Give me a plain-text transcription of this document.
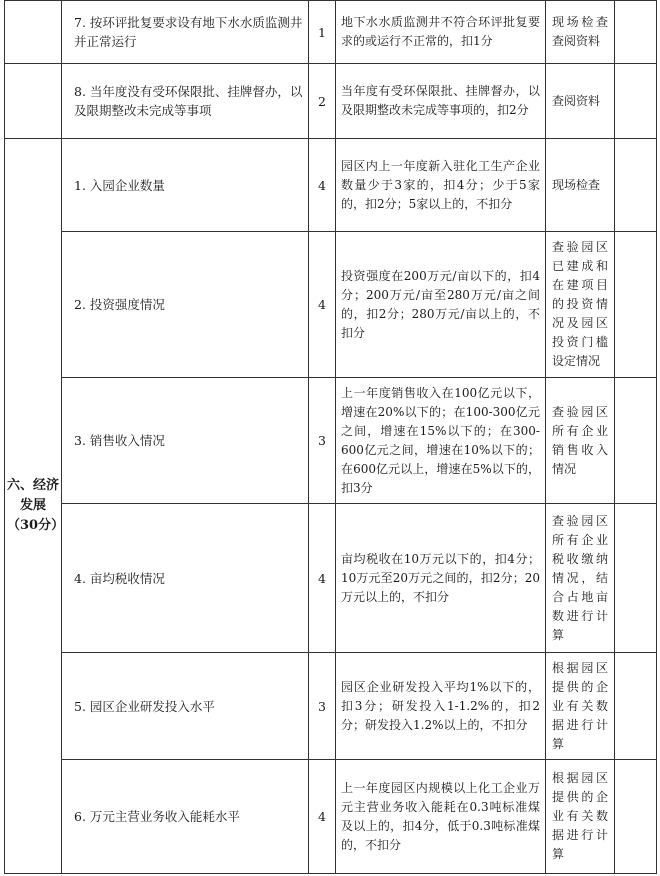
	7. 按环评批复要求设有地下水水质监测井并正常运行	1	地下水水质监测井不符合环评批复要求的或运行不正常的，扣1分	现场检查查阅资料	
	8. 当年度没有受环保限批、挂牌督办，以及限期整改未完成等事项	2	当年度有受环保限批、挂牌督办，以及限期整改未完成等事项的，扣2分	查阅资料	
六、经济发展（30分）	1. 入园企业数量	4	园区内上一年度新入驻化工生产企业数量少于3家的，扣4分；少于5家的，扣2分；5家以上的，不扣分	现场检查	
	2. 投资强度情况	4	投资强度在200万元/亩以下的，扣4分；200万元/亩至280万元/亩之间的，扣2分；280万元/亩以上的，不扣分	查验园区已建成和在建项目的投资情况及园区投资门槛设定情况	
	3. 销售收入情况	3	上一年度销售收入在100亿元以下，增速在20%以下的；在100-300亿元之间，增速在15%以下的；在300-600亿元之间，增速在10%以下的；在600亿元以上，增速在5%以下的，扣3分	查验园区所有企业销售收入情况	
	4. 亩均税收情况	4	亩均税收在10万元以下的，扣4分；10万元至20万元之间的，扣2分；20万元以上的，不扣分	查验园区所有企业税收缴纳情况，结合占地亩数进行计算	
	5. 园区企业研发投入水平	3	园区企业研发投入平均1%以下的，扣3分；研发投入1-1.2%的，扣2分；研发投入1.2%以上的，不扣分	根据园区提供的企业有关数据进行计算	
	6. 万元主营业务收入能耗水平	4	上一年度园区内规模以上化工企业万元主营业务收入能耗在0.3吨标准煤及以上的，扣4分，低于0.3吨标准煤的，不扣分	根据园区提供的企业有关数据进行计算	
